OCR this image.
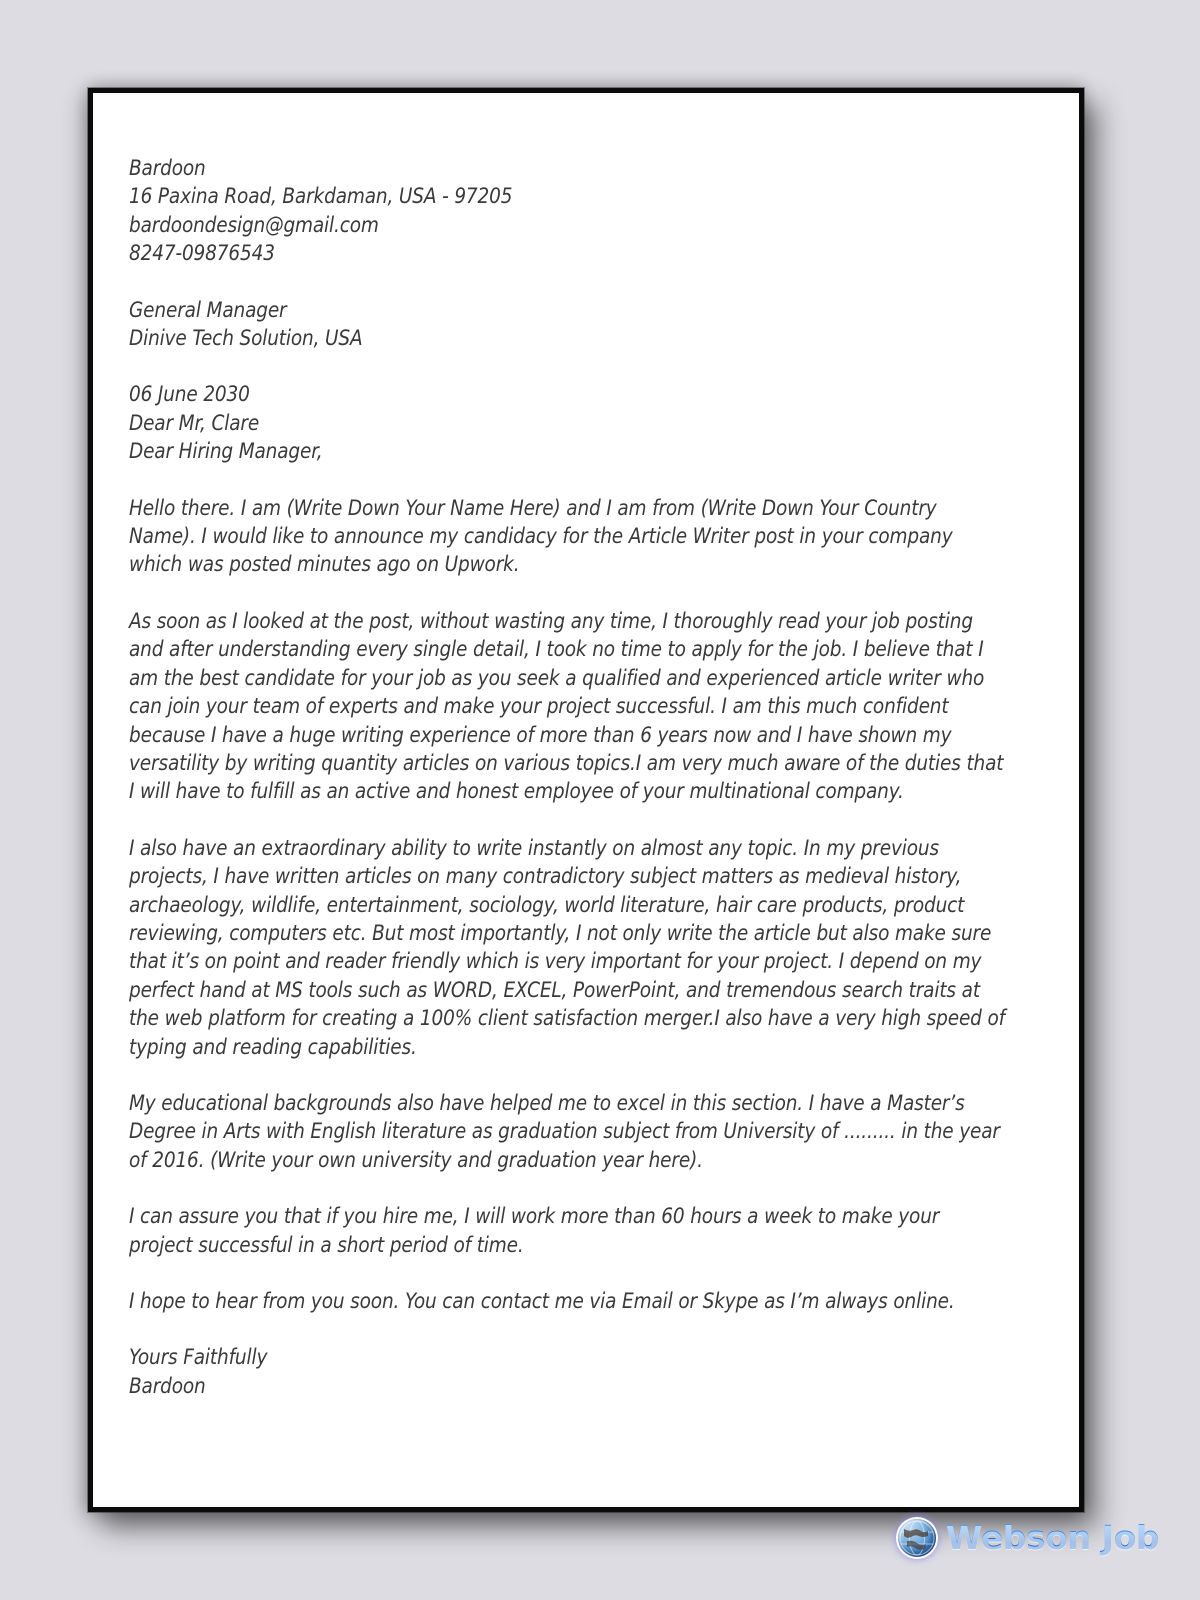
Bardoon
16 Paxina Road, Barkdaman, USA - 97205
bardoondesign@gmail.com
8247-09876543
General Manager
Dinive Tech Solution, USA
06 June 2030
Dear Mr, Clare
Dear Hiring Manager,

Hello there. I am (Write Down Your Name Here) and I am from (Write Down Your Country Name). I would like to announce my candidacy for the Article Writer post in your company which was posted minutes ago on Upwork.

As soon as I looked at the post, without wasting any time, I thoroughly read your job posting and after understanding every single detail, I took no time to apply for the job. I believe that I am the best candidate for your job as you seek a qualified and experienced article writer who can join your team of experts and make your project successful. I am this much confident because I have a huge writing experience of more than 6 years now and I have shown my versatility by writing quantity articles on various topics.I am very much aware of the duties that I will have to fulfill as an active and honest employee of your multinational company.

I also have an extraordinary ability to write instantly on almost any topic. In my previous projects, I have written articles on many contradictory subject matters as medieval history, archaeology, wildlife, entertainment, sociology, world literature, hair care products, product reviewing, computers etc. But most importantly, I not only write the article but also make sure that it’s on point and reader friendly which is very important for your project. I depend on my perfect hand at MS tools such as WORD, EXCEL, PowerPoint, and tremendous search traits at the web platform for creating a 100% client satisfaction merger.I also have a very high speed of typing and reading capabilities.

My educational backgrounds also have helped me to excel in this section. I have a Master’s Degree in Arts with English literature as graduation subject from University of ......... in the year of 2016. (Write your own university and graduation year here).

I can assure you that if you hire me, I will work more than 60 hours a week to make your project successful in a short period of time.

I hope to hear from you soon. You can contact me via Email or Skype as I’m always online.

Yours Faithfully
Bardoon
Webson Job
